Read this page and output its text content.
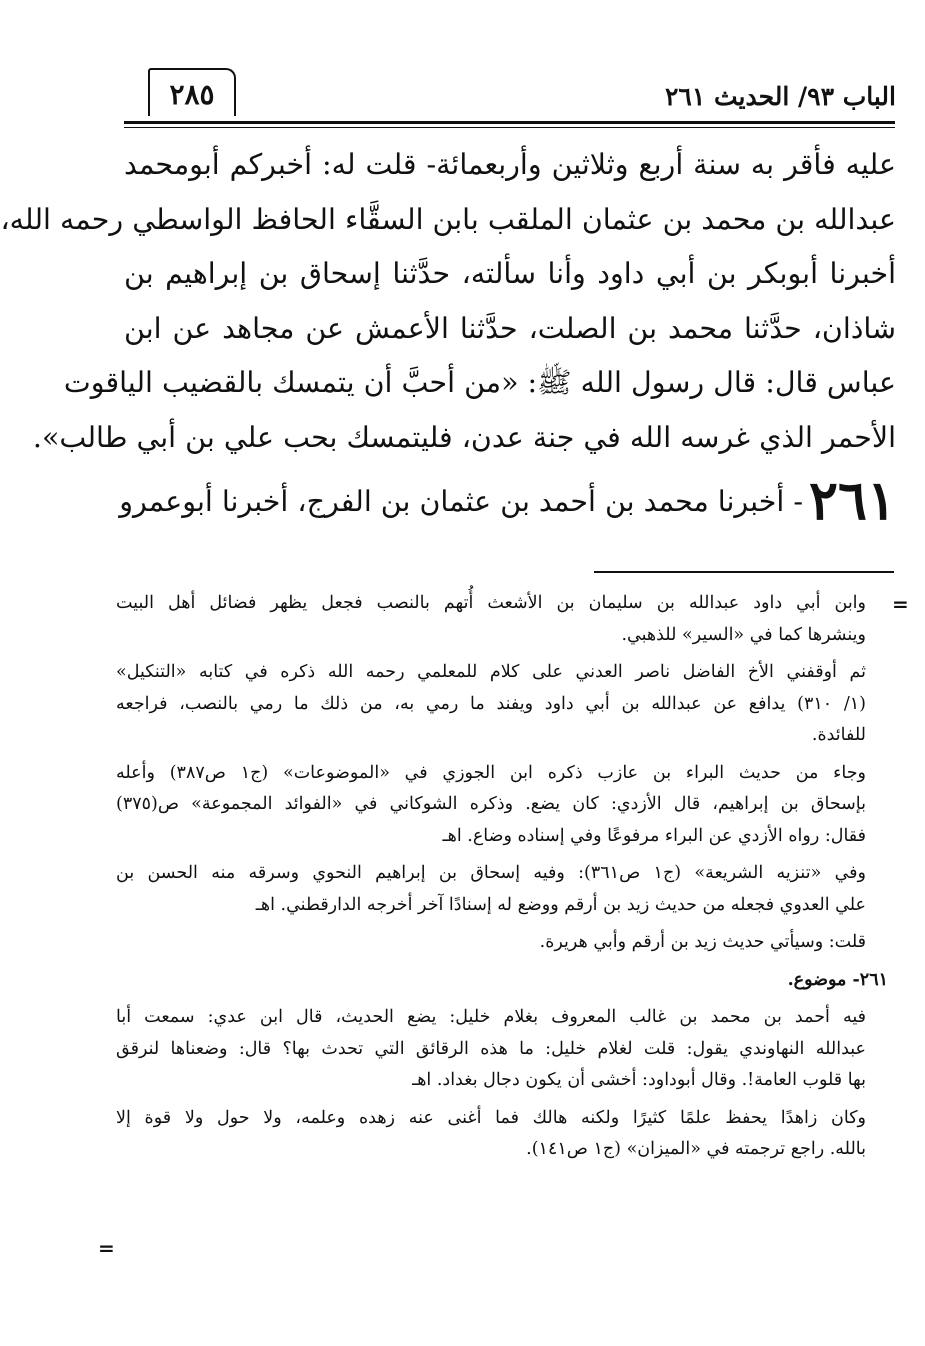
الباب ٩٣/ الحديث ٢٦١
٢٨٥
عليه فأقر به سنة أربع وثلاثين وأربعمائة- قلت له: أخبركم أبومحمد
عبدالله بن محمد بن عثمان الملقب بابن السقَّاء الحافظ الواسطي رحمه الله،
أخبرنا أبوبكر بن أبي داود وأنا سألته، حدَّثنا إسحاق بن إبراهيم بن
شاذان، حدَّثنا محمد بن الصلت، حدَّثنا الأعمش عن مجاهد عن ابن
عباس قال: قال رسول الله ﷺ: «من أحبَّ أن يتمسك بالقضيب الياقوت
الأحمر الذي غرسه الله في جنة عدن، فليتمسك بحب علي بن أبي طالب».
٢٦١- أخبرنا محمد بن أحمد بن عثمان بن الفرج، أخبرنا أبوعمرو
=

وابن أبي داود عبدالله بن سليمان بن الأشعث أُتهم بالنصب فجعل يظهر فضائل أهل البيت
وينشرها كما في «السير» للذهبي.

ثم أوقفني الأخ الفاضل ناصر العدني على كلام للمعلمي رحمه الله ذكره في كتابه «التنكيل»
(١/ ٣١٠) يدافع عن عبدالله بن أبي داود ويفند ما رمي به، من ذلك ما رمي بالنصب، فراجعه
للفائدة.

وجاء من حديث البراء بن عازب ذكره ابن الجوزي في «الموضوعات» (ج١ ص٣٨٧) وأعله
بإسحاق بن إبراهيم، قال الأزدي: كان يضع. وذكره الشوكاني في «الفوائد المجموعة» ص(٣٧٥)
فقال: رواه الأزدي عن البراء مرفوعًا وفي إسناده وضاع. اهـ

وفي «تنزيه الشريعة» (ج١ ص٣٦١): وفيه إسحاق بن إبراهيم النحوي وسرقه منه الحسن بن
علي العدوي فجعله من حديث زيد بن أرقم ووضع له إسنادًا آخر أخرجه الدارقطني. اهـ

قلت: وسيأتي حديث زيد بن أرقم وأبي هريرة.

٢٦١- موضوع.

فيه أحمد بن محمد بن غالب المعروف بغلام خليل: يضع الحديث، قال ابن عدي: سمعت أبا
عبدالله النهاوندي يقول: قلت لغلام خليل: ما هذه الرقائق التي تحدث بها؟ قال: وضعناها لنرقق
بها قلوب العامة!. وقال أبوداود: أخشى أن يكون دجال بغداد. اهـ

وكان زاهدًا يحفظ علمًا كثيرًا ولكنه هالك فما أغنى عنه زهده وعلمه، ولا حول ولا قوة إلا
بالله. راجع ترجمته في «الميزان» (ج١ ص١٤١).

=
